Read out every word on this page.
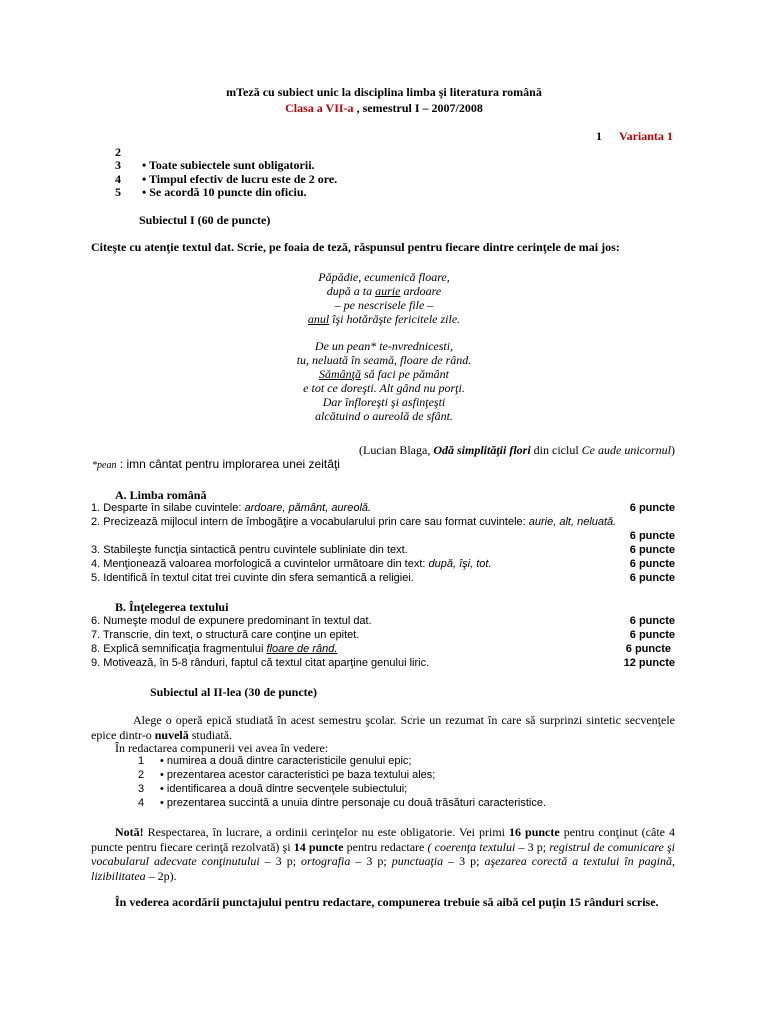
mTeză cu subiect unic la disciplina limba şi literatura română
Clasa a VII-a , semestrul I – 2007/2008
1 Varianta 1
2
3 • Toate subiectele sunt obligatorii.
4 • Timpul efectiv de lucru este de 2 ore.
5 • Se acordă 10 puncte din oficiu.
Subiectul I (60 de puncte)
Citeşte cu atenţie textul dat. Scrie, pe foaia de teză, răspunsul pentru fiecare dintre cerinţele de mai jos:
Păpădie, ecumenică floare,
după a ta aurie ardoare
– pe nescrisele file –
anul îşi hotărăşte fericitele zile.
De un pean* te-nvrednicesti,
tu, neluată în seamă, floare de rând.
Sămânţă să faci pe pământ
e tot ce doreşti. Alt gând nu porţi.
Dar înfloreşti şi asfinţeşti
alcătuind o aureolă de sfânt.
(Lucian Blaga, Odă simplităţii flori din ciclul Ce aude unicornul)
*pean : imn cântat pentru implorarea unei zeităţi
A. Limba română
1. Desparte în silabe cuvintele: ardoare, pământ, aureolă.	6 puncte
2. Precizează mijlocul intern de îmbogăţire a vocabularului prin care sau format cuvintele: aurie, alt, neluată.
6 puncte
3. Stabileşte funcţia sintactică pentru cuvintele subliniate din text.	6 puncte
4. Menţionează valoarea morfologică a cuvintelor următoare din text: după, îşi, tot.	6 puncte
5. Identifică în textul citat trei cuvinte din sfera semantică a religiei.	6 puncte
B. Înţelegerea textului
6. Numeşte modul de expunere predominant în textul dat.	6 puncte
7. Transcrie, din text, o structură care conţine un epitet.	6 puncte
8. Explică semnificaţia fragmentului floare de rând.	6 puncte
9. Motivează, în 5-8 rânduri, faptul că textul citat aparţine genului liric.	12 puncte
Subiectul al II-lea (30 de puncte)
Alege o operă epică studiată în acest semestru şcolar. Scrie un rezumat în care să surprinzi sintetic secvenţele epice dintr-o nuvelă studiată.
În redactarea compunerii vei avea în vedere:
1 • numirea a două dintre caracteristicile genului epic;
2 • prezentarea acestor caracteristici pe baza textului ales;
3 • identificarea a două dintre secvenţele subiectului;
4 • prezentarea succintă a unuia dintre personaje cu două trăsături caracteristice.
Notă! Respectarea, în lucrare, a ordinii cerinţelor nu este obligatorie. Vei primi 16 puncte pentru conţinut (câte 4 puncte pentru fiecare cerinţă rezolvată) şi 14 puncte pentru redactare ( coerenţa textului – 3 p; registrul de comunicare şi vocabularul adecvate conţinutului – 3 p; ortografia – 3 p; punctuaţia – 3 p; aşezarea corectă a textului în pagină, lizibilitatea – 2p).
În vederea acordării punctajului pentru redactare, compunerea trebuie să aibă cel puţin 15 rânduri scrise.
